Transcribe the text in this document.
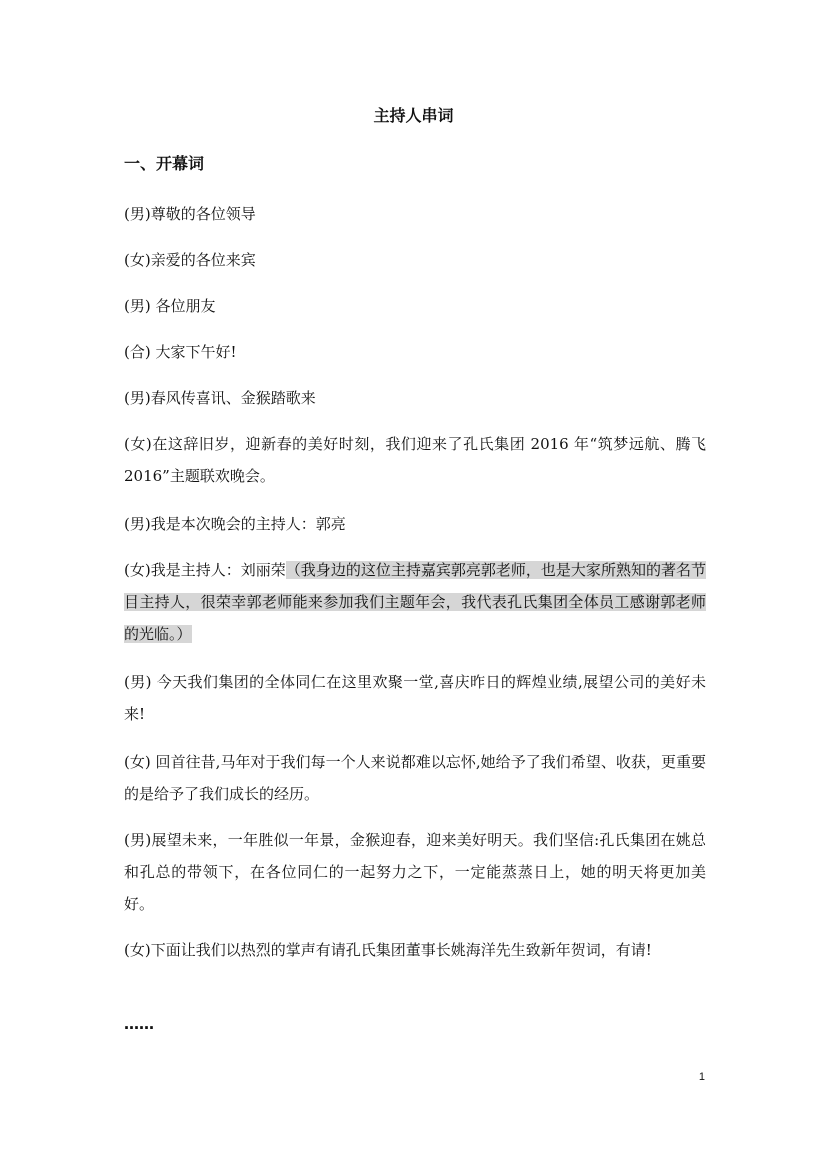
主持人串词
一、开幕词

(男)尊敬的各位领导

(女)亲爱的各位来宾

(男) 各位朋友

(合) 大家下午好!

(男)春风传喜讯、金猴踏歌来

(女)在这辞旧岁，迎新春的美好时刻，我们迎来了孔氏集团 2016 年“筑梦远航、腾飞 2016”主题联欢晚会。

(男)我是本次晚会的主持人：郭亮

(女)我是主持人：刘丽荣（我身边的这位主持嘉宾郭亮郭老师，也是大家所熟知的著名节目主持人，很荣幸郭老师能来参加我们主题年会，我代表孔氏集团全体员工感谢郭老师的光临。）

(男) 今天我们集团的全体同仁在这里欢聚一堂,喜庆昨日的辉煌业绩,展望公司的美好未来!

(女) 回首往昔,马年对于我们每一个人来说都难以忘怀,她给予了我们希望、收获，更重要的是给予了我们成长的经历。

(男)展望未来，一年胜似一年景，金猴迎春，迎来美好明天。我们坚信:孔氏集团在姚总和孔总的带领下，在各位同仁的一起努力之下，一定能蒸蒸日上，她的明天将更加美好。

(女)下面让我们以热烈的掌声有请孔氏集团董事长姚海洋先生致新年贺词，有请!

……

1
